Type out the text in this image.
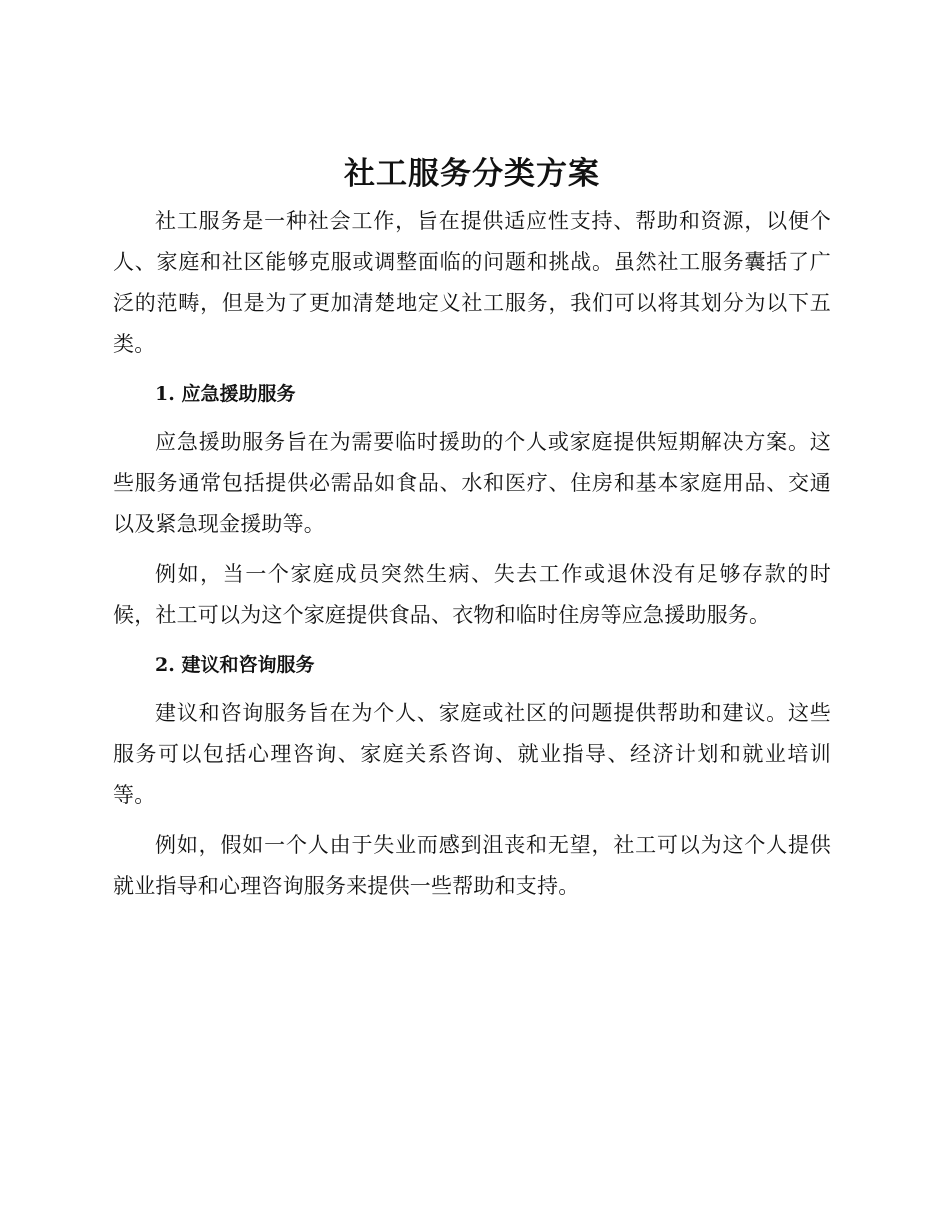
社工服务分类方案

社工服务是一种社会工作，旨在提供适应性支持、帮助和资源，以便个人、家庭和社区能够克服或调整面临的问题和挑战。虽然社工服务囊括了广泛的范畴，但是为了更加清楚地定义社工服务，我们可以将其划分为以下五类。

1. 应急援助服务

应急援助服务旨在为需要临时援助的个人或家庭提供短期解决方案。这些服务通常包括提供必需品如食品、水和医疗、住房和基本家庭用品、交通以及紧急现金援助等。

例如，当一个家庭成员突然生病、失去工作或退休没有足够存款的时候，社工可以为这个家庭提供食品、衣物和临时住房等应急援助服务。

2. 建议和咨询服务

建议和咨询服务旨在为个人、家庭或社区的问题提供帮助和建议。这些服务可以包括心理咨询、家庭关系咨询、就业指导、经济计划和就业培训等。

例如，假如一个人由于失业而感到沮丧和无望，社工可以为这个人提供就业指导和心理咨询服务来提供一些帮助和支持。
